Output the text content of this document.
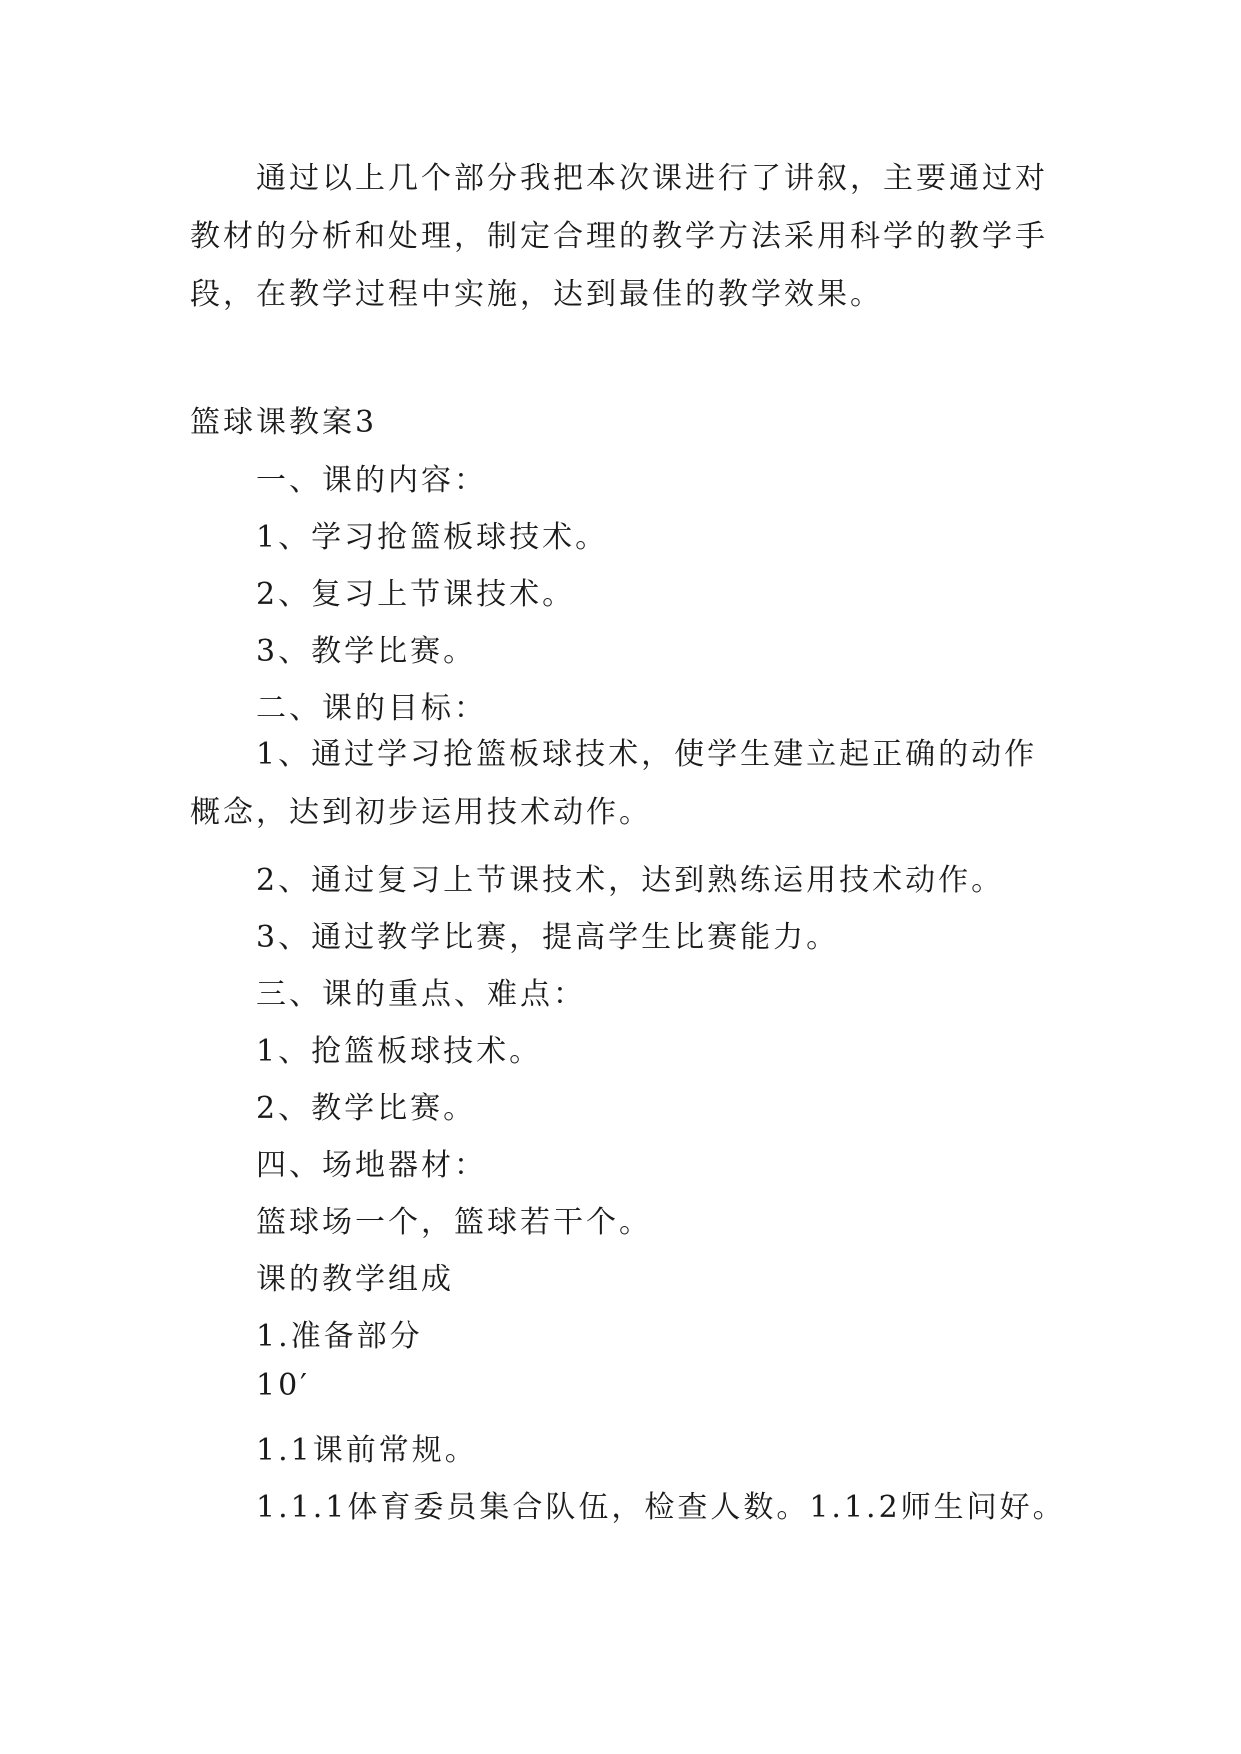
通过以上几个部分我把本次课进行了讲叙，主要通过对教材的分析和处理，制定合理的教学方法采用科学的教学手段，在教学过程中实施，达到最佳的教学效果。

篮球课教案3

一、课的内容：

1、学习抢篮板球技术。

2、复习上节课技术。

3、教学比赛。

二、课的目标：

1、通过学习抢篮板球技术，使学生建立起正确的动作概念，达到初步运用技术动作。

2、通过复习上节课技术，达到熟练运用技术动作。

3、通过教学比赛，提高学生比赛能力。

三、课的重点、难点：

1、抢篮板球技术。

2、教学比赛。

四、场地器材：

篮球场一个，篮球若干个。

课的教学组成

1.准备部分

10′

1.1课前常规。

1.1.1体育委员集合队伍，检查人数。1.1.2师生问好。
